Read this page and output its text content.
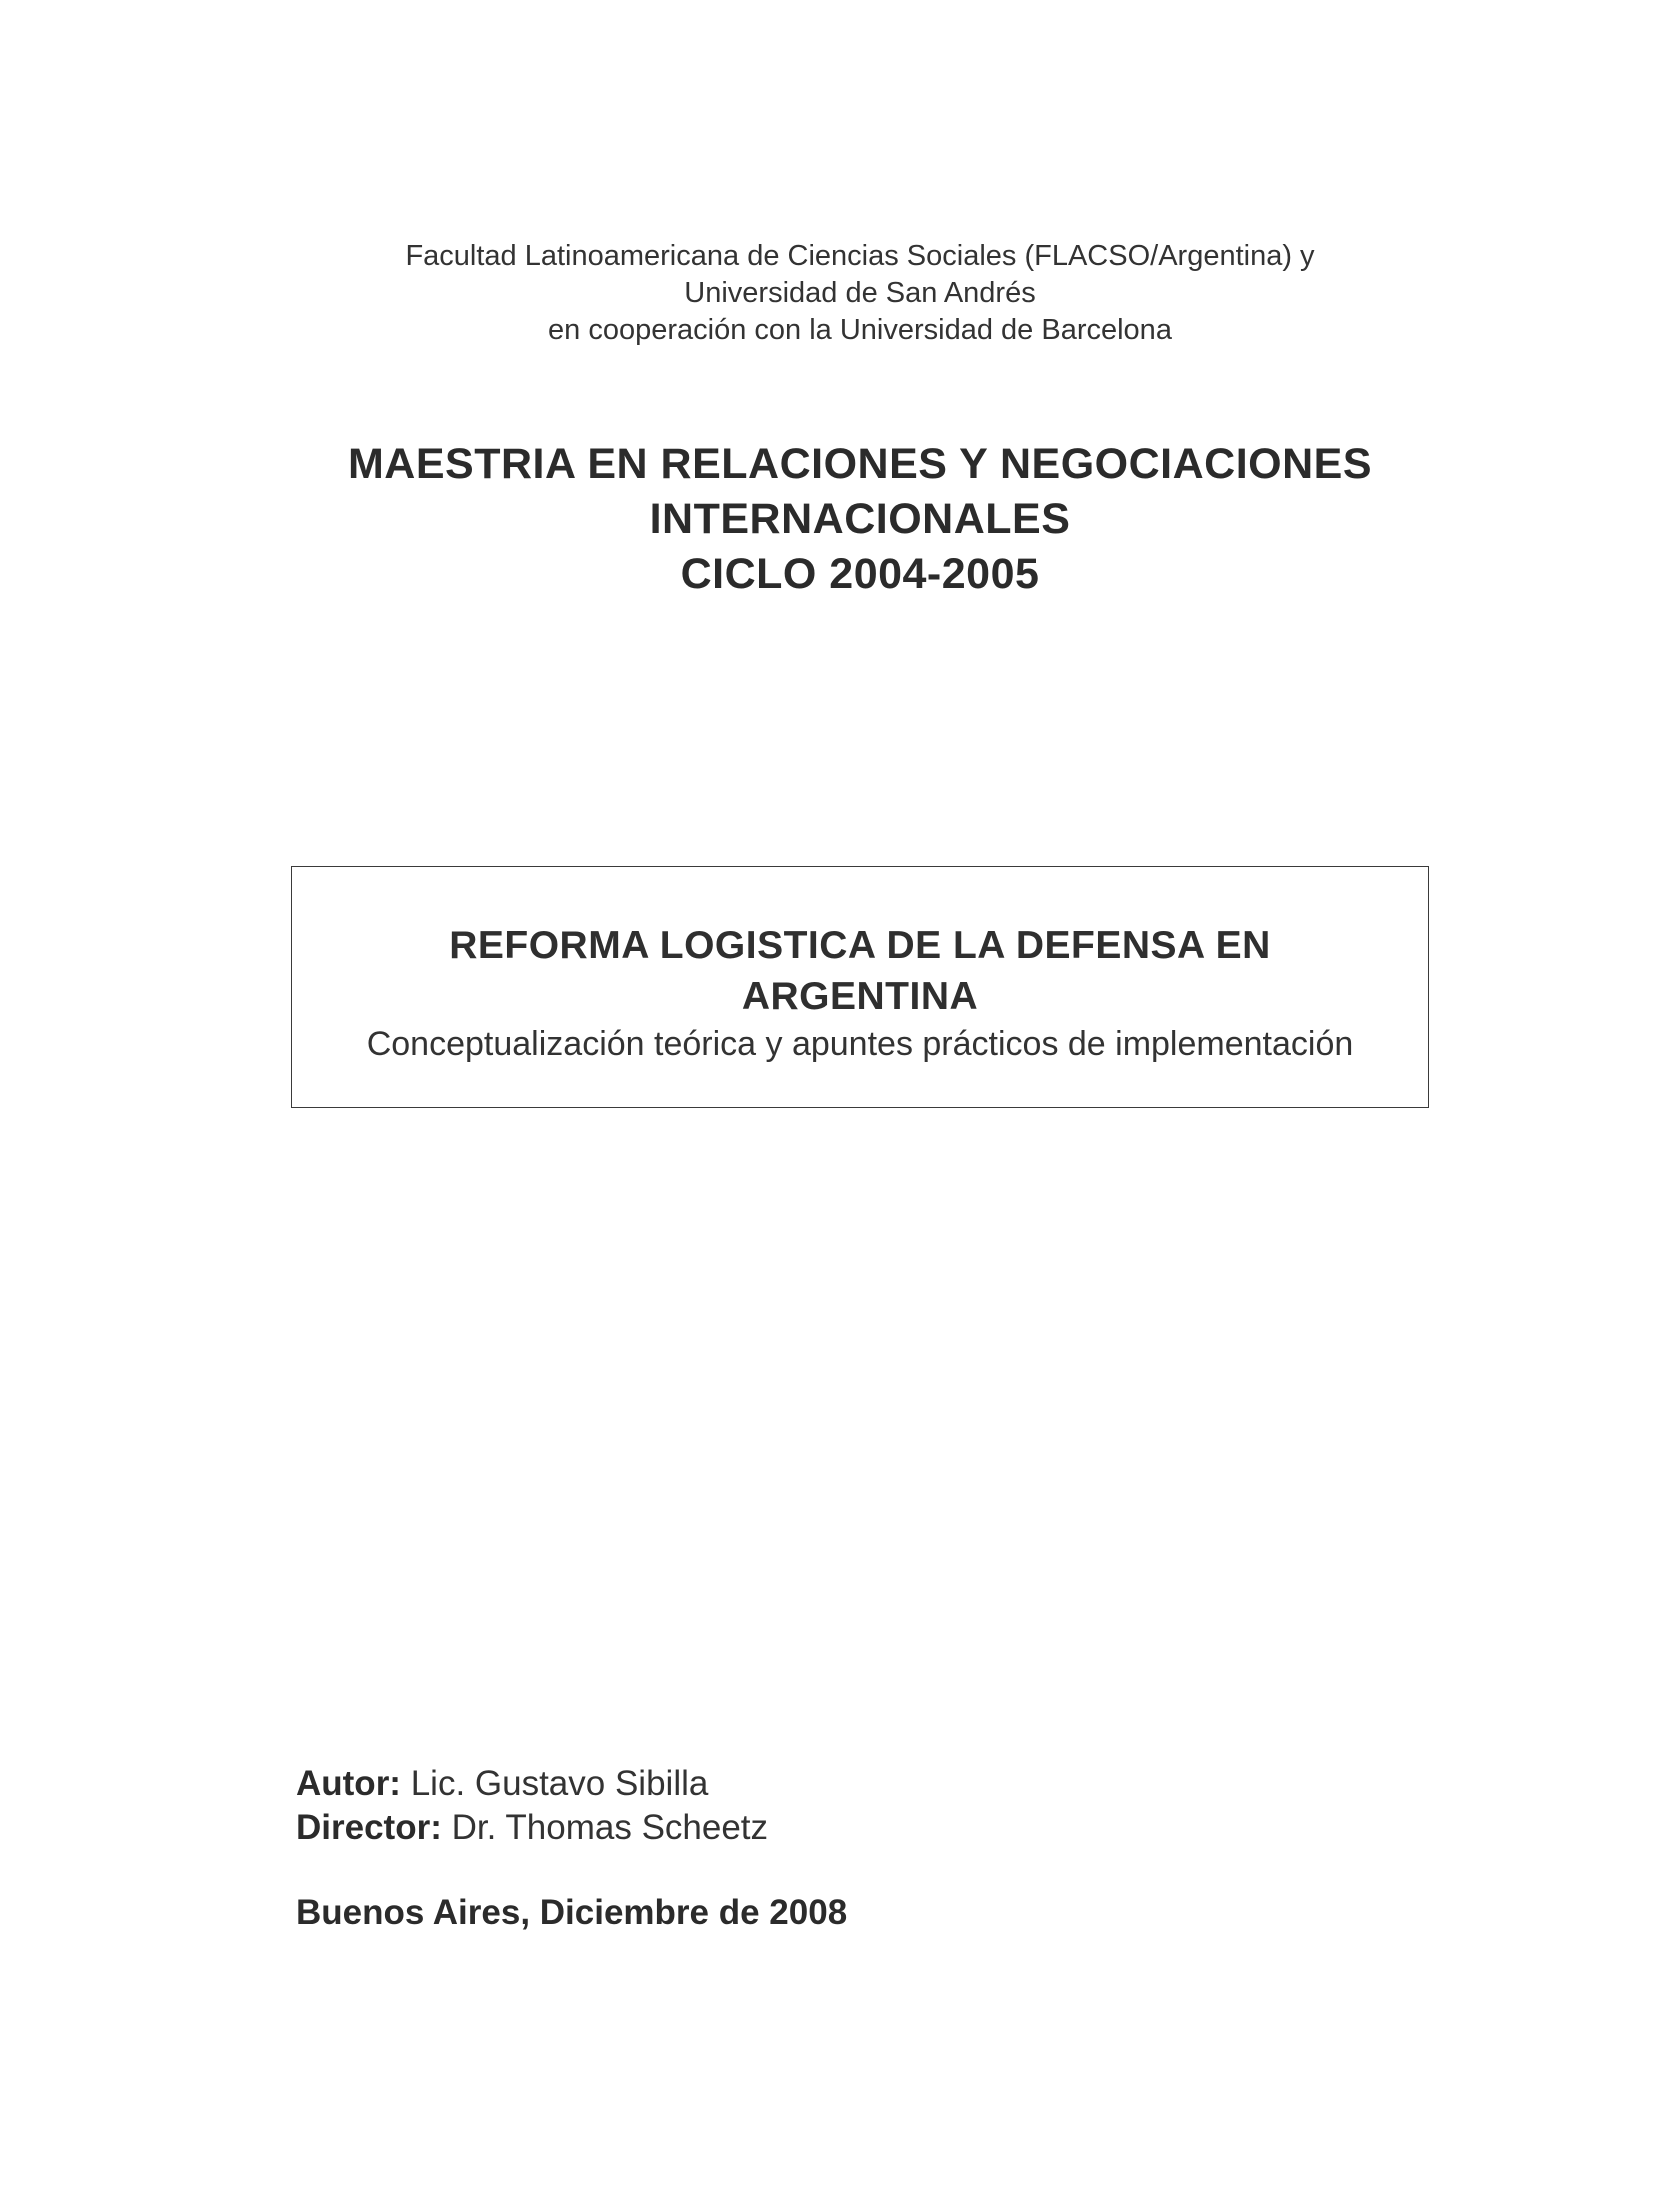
Facultad Latinoamericana de Ciencias Sociales (FLACSO/Argentina) y
Universidad de San Andrés
en cooperación con la Universidad de Barcelona
MAESTRIA EN RELACIONES Y NEGOCIACIONES
INTERNACIONALES
CICLO 2004-2005
REFORMA LOGISTICA DE LA DEFENSA EN
ARGENTINA
Conceptualización teórica y apuntes prácticos de implementación
Autor: Lic. Gustavo Sibilla
Director: Dr. Thomas Scheetz
Buenos Aires, Diciembre de 2008
